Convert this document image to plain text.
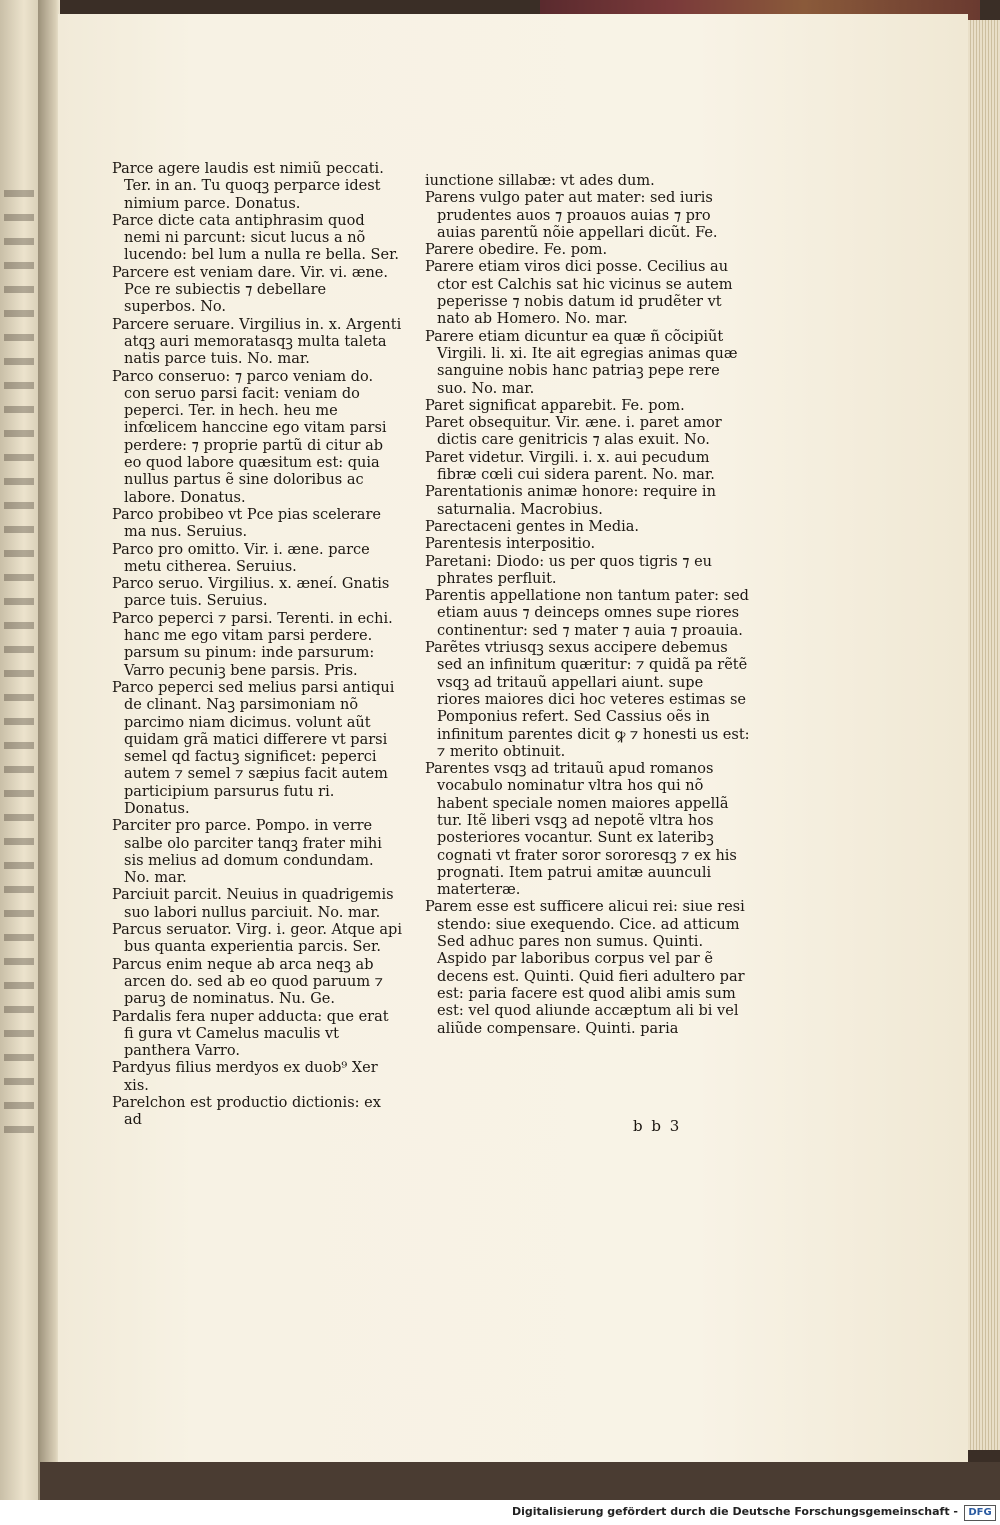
Parce agere laudis est nimiũ peccati. Ter. in an. Tu quoqꝫ perparce idest nimium parce. Donatus.
Parce dicte cata antiphrasim quod nemi ni parcunt: sicut lucus a nõ lucendo: bel lum a nulla re bella. Ser.
Parcere est veniam dare. Vir. vi. æne. Pce re subiectis ⁊ debellare superbos. No.
Parcere seruare. Virgilius in. x. Argenti atqꝫ auri memoratasqꝫ multa taleta natis parce tuis. No. mar.
Parco conseruo: ⁊ parco veniam do. con seruo parsi facit: veniam do peperci. Ter. in hech. heu me infœlicem hanccine ego vitam parsi perdere: ⁊ proprie partũ di citur ab eo quod labore quæsitum est: quia nullus partus ẽ sine doloribus ac labore. Donatus.
Parco probibeo vt Pce pias scelerare ma nus. Seruius.
Parco pro omitto. Vir. i. æne. parce metu citherea. Seruius.
Parco seruo. Virgilius. x. æneí. Gnatis parce tuis. Seruius.
Parco peperci ⁊ parsi. Terenti. in echi. hanc me ego vitam parsi perdere. parsum su pinum: inde parsurum: Varro pecuniꝫ bene parsis. Pris.
Parco peperci sed melius parsi antiqui de clinant. Naꝫ parsimoniam nõ parcimo niam dicimus. volunt aũt quidam grã matici differere vt parsi semel qd factuꝫ significet: peperci autem ⁊ semel ⁊ sæpius facit autem participium parsurus futu ri. Donatus.
Parciter pro parce. Pompo. in verre salbe olo parciter tanqꝫ frater mihi sis melius ad domum condundam. No. mar.
Parciuit parcit. Neuius in quadrigemis suo labori nullus parciuit. No. mar.
Parcus seruator. Virg. i. geor. Atque api bus quanta experientia parcis. Ser.
Parcus enim neque ab arca neqꝫ ab arcen do. sed ab eo quod paruum ⁊ paruꝫ de nominatus. Nu. Ge.
Pardalis fera nuper adducta: que erat fi gura vt Camelus maculis vt panthera Varro.
Pardyus filius merdyos ex duob⁹ Xer xis.
Parelchon est productio dictionis: ex ad
iunctione sillabæ: vt ades dum.
Parens vulgo pater aut mater: sed iuris prudentes auos ⁊ proauos auias ⁊ pro auias parentũ nõie appellari dicũt. Fe.
Parere obedire. Fe. pom.
Parere etiam viros dici posse. Cecilius au ctor est Calchis sat hic vicinus se autem peperisse ⁊ nobis datum id prudẽter vt nato ab Homero. No. mar.
Parere etiam dicuntur ea quæ ñ cõcipiũt Virgili. li. xi. Ite ait egregias animas quæ sanguine nobis hanc patriaꝫ pepe rere suo. No. mar.
Paret significat apparebit. Fe. pom.
Paret obsequitur. Vir. æne. i. paret amor dictis care genitricis ⁊ alas exuit. No.
Paret videtur. Virgili. i. x. aui pecudum fibræ cœli cui sidera parent. No. mar.
Parentationis animæ honore: require in saturnalia. Macrobius.
Parectaceni gentes in Media.
Parentesis interpositio.
Paretani: Diodo: us per quos tigris ⁊ eu phrates perfluit.
Parentis appellatione non tantum pater: sed etiam auus ⁊ deinceps omnes supe riores continentur: sed ⁊ mater ⁊ auia ⁊ proauia.
Parẽtes vtriusqꝫ sexus accipere debemus sed an infinitum quæritur: ⁊ quidã pa rẽtẽ vsqꝫ ad tritauũ appellari aiunt. supe riores maiores dici hoc veteres estimas se Pomponius refert. Sed Cassius oẽs in infinitum parentes dicit ꝙ ⁊ honesti us est: ⁊ merito obtinuit.
Parentes vsqꝫ ad tritauũ apud romanos vocabulo nominatur vltra hos qui nõ habent speciale nomen maiores appellã tur. Itẽ liberi vsqꝫ ad nepotẽ vltra hos posteriores vocantur. Sunt ex lateribꝫ cognati vt frater soror sororesqꝫ ⁊ ex his prognati. Item patrui amitæ auunculi materteræ.
Parem esse est sufficere alicui rei: siue resi stendo: siue exequendo. Cice. ad atticum Sed adhuc pares non sumus. Quinti. Aspido par laboribus corpus vel par ẽ decens est. Quinti. Quid fieri adultero par est: paria facere est quod alibi amis sum est: vel quod aliunde accæptum ali bi vel aliũde compensare. Quinti. paria
b b 3
Digitalisierung gefördert durch die Deutsche Forschungsgemeinschaft -	DFG
